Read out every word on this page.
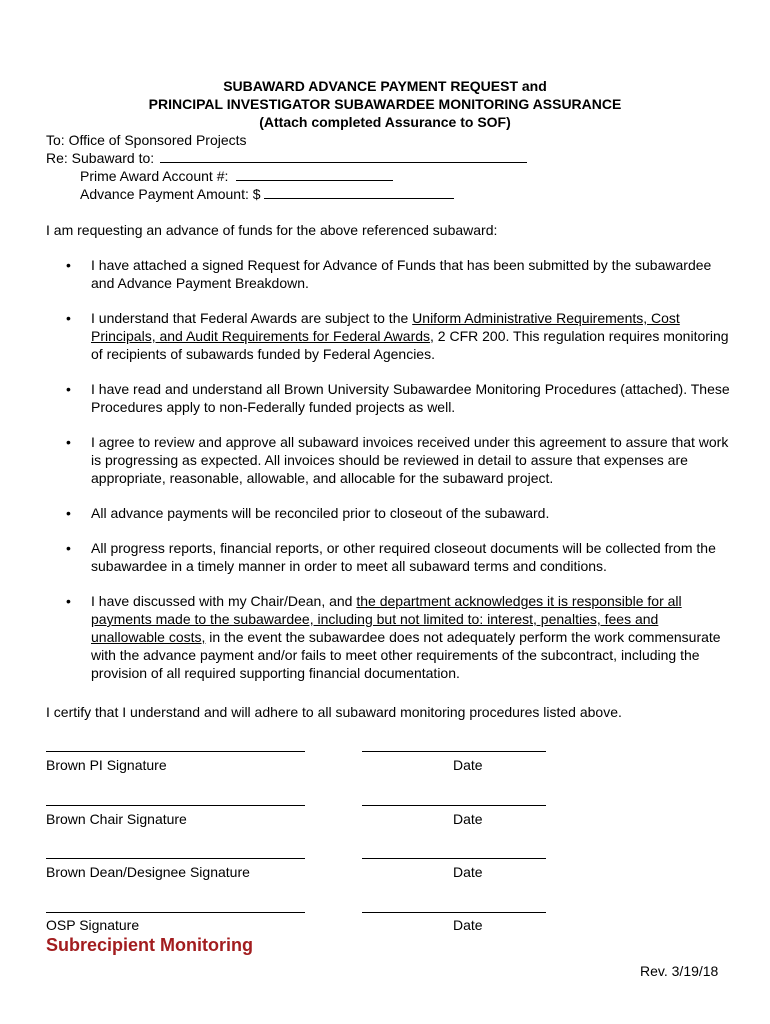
SUBAWARD ADVANCE PAYMENT REQUEST and
PRINCIPAL INVESTIGATOR SUBAWARDEE MONITORING ASSURANCE
(Attach completed Assurance to SOF)
To: Office of Sponsored Projects
Re: Subaward to:
Prime Award Account #:
Advance Payment Amount: $
I am requesting an advance of funds for the above referenced subaward:
• I have attached a signed Request for Advance of Funds that has been submitted by the subawardee and Advance Payment Breakdown.
• I understand that Federal Awards are subject to the Uniform Administrative Requirements, Cost Principals, and Audit Requirements for Federal Awards, 2 CFR 200. This regulation requires monitoring of recipients of subawards funded by Federal Agencies.
• I have read and understand all Brown University Subawardee Monitoring Procedures (attached). These Procedures apply to non-Federally funded projects as well.
• I agree to review and approve all subaward invoices received under this agreement to assure that work is progressing as expected. All invoices should be reviewed in detail to assure that expenses are appropriate, reasonable, allowable, and allocable for the subaward project.
• All advance payments will be reconciled prior to closeout of the subaward.
• All progress reports, financial reports, or other required closeout documents will be collected from the subawardee in a timely manner in order to meet all subaward terms and conditions.
• I have discussed with my Chair/Dean, and the department acknowledges it is responsible for all payments made to the subawardee, including but not limited to: interest, penalties, fees and unallowable costs, in the event the subawardee does not adequately perform the work commensurate with the advance payment and/or fails to meet other requirements of the subcontract, including the provision of all required supporting financial documentation.
I certify that I understand and will adhere to all subaward monitoring procedures listed above.
Brown PI Signature	Date
Brown Chair Signature	Date
Brown Dean/Designee Signature	Date
OSP Signature	Date
Subrecipient Monitoring
Rev. 3/19/18
